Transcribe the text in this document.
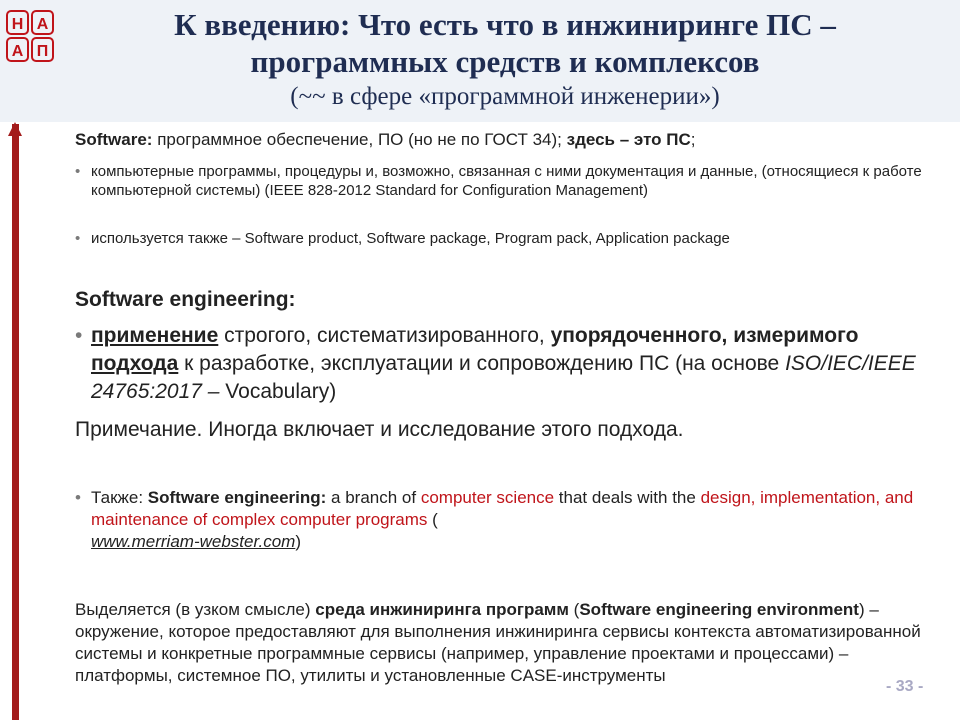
Н А
А П
К введению: Что есть что в инжиниринге ПС –
программных средств и комплексов
(~~ в сфере «программной инженерии»)
Software: программное обеспечение, ПО (но не по ГОСТ 34); здесь – это ПС;
• компьютерные программы, процедуры и, возможно, связанная с ними документация и данные, (относящиеся к работе компьютерной системы) (IEEE 828-2012 Standard for Configuration Management)
• используется также – Software product, Software package, Program pack, Application package
Software engineering:
• применение строгого, систематизированного, упорядоченного, измеримого подхода к разработке, эксплуатации и сопровождению ПС (на основе ISO/IEC/IEEE 24765:2017 – Vocabulary)
Примечание. Иногда включает и исследование этого подхода.
• Также: Software engineering: a branch of computer science that deals with the design, implementation, and maintenance of complex computer programs (
www.merriam-webster.com)
Выделяется (в узком смысле) среда инжиниринга программ (Software engineering environment) – окружение, которое предоставляют для выполнения инжиниринга сервисы контекста автоматизированной системы и конкретные программные сервисы (например, управление проектами и процессами) – платформы, системное ПО, утилиты и установленные CASE-инструменты
- 33 -
